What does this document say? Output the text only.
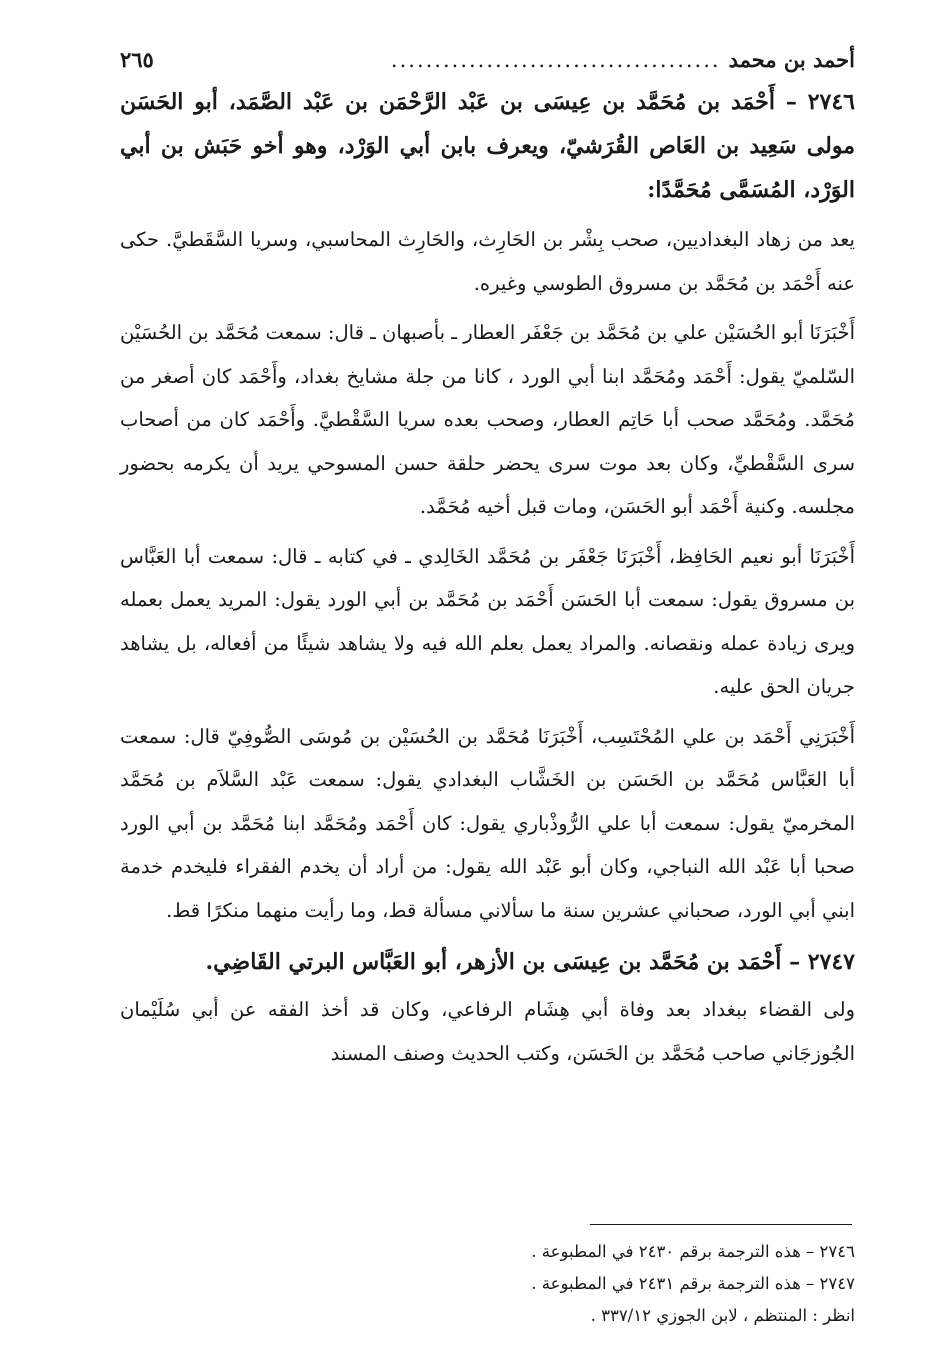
أحمد بن محمد
......................................
٢٦٥

٢٧٤٦ – أَحْمَد بن مُحَمَّد بن عِيسَى بن عَبْد الرَّحْمَن بن عَبْد الصَّمَد، أبو الحَسَن مولى سَعِيد بن العَاص القُرَشيّ، ويعرف بابن أبي الوَرْد، وهو أخو حَبَش بن أبي الوَرْد، المُسَمَّى مُحَمَّدًا:

يعد من زهاد البغداديين، صحب بِشْر بن الحَارِث، والحَارِث المحاسبي، وسريا السَّقَطيَّ. حكى عنه أَحْمَد بن مُحَمَّد بن مسروق الطوسي وغيره.

أَخْبَرَنَا أبو الحُسَيْن علي بن مُحَمَّد بن جَعْفَر العطار ـ بأصبهان ـ قال: سمعت مُحَمَّد بن الحُسَيْن السّلميّ يقول: أَحْمَد ومُحَمَّد ابنا أبي الورد ، كانا من جلة مشايخ بغداد، وأَحْمَد كان أصغر من مُحَمَّد. ومُحَمَّد صحب أبا حَاتِم العطار، وصحب بعده سريا السَّقْطيَّ. وأَحْمَد كان من أصحاب سرى السَّقْطيِّ، وكان بعد موت سرى يحضر حلقة حسن المسوحي يريد أن يكرمه بحضور مجلسه. وكنية أَحْمَد أبو الحَسَن، ومات قبل أخيه مُحَمَّد.

أَخْبَرَنَا أبو نعيم الحَافِظ، أَخْبَرَنَا جَعْفَر بن مُحَمَّد الخَالِدي ـ في كتابه ـ قال: سمعت أبا العَبَّاس بن مسروق يقول: سمعت أبا الحَسَن أَحْمَد بن مُحَمَّد بن أبي الورد يقول: المريد يعمل بعمله ويرى زيادة عمله ونقصانه. والمراد يعمل بعلم الله فيه ولا يشاهد شيئًا من أفعاله، بل يشاهد جريان الحق عليه.

أَخْبَرَنِي أَحْمَد بن علي المُحْتَسِب، أَخْبَرَنَا مُحَمَّد بن الحُسَيْن بن مُوسَى الصُّوفِيّ قال: سمعت أبا العَبَّاس مُحَمَّد بن الحَسَن بن الخَشَّاب البغدادي يقول: سمعت عَبْد السَّلاَم بن مُحَمَّد المخرميّ يقول: سمعت أبا علي الرُّوذْباري يقول: كان أَحْمَد ومُحَمَّد ابنا مُحَمَّد بن أبي الورد صحبا أبا عَبْد الله النباجي، وكان أبو عَبْد الله يقول: من أراد أن يخدم الفقراء فليخدم خدمة ابني أبي الورد، صحباني عشرين سنة ما سألاني مسألة قط، وما رأيت منهما منكرًا قط.

٢٧٤٧ – أَحْمَد بن مُحَمَّد بن عِيسَى بن الأزهر، أبو العَبَّاس البرتي القَاضِي.

ولى القضاء ببغداد بعد وفاة أبي هِشَام الرفاعي، وكان قد أخذ الفقه عن أبي سُلَيْمان الجُوزجَاني صاحب مُحَمَّد بن الحَسَن، وكتب الحديث وصنف المسند

٢٧٤٦ – هذه الترجمة برقم ٢٤٣٠ في المطبوعة .
٢٧٤٧ – هذه الترجمة برقم ٢٤٣١ في المطبوعة .
انظر : المنتظم ، لابن الجوزي ٣٣٧/١٢ .
